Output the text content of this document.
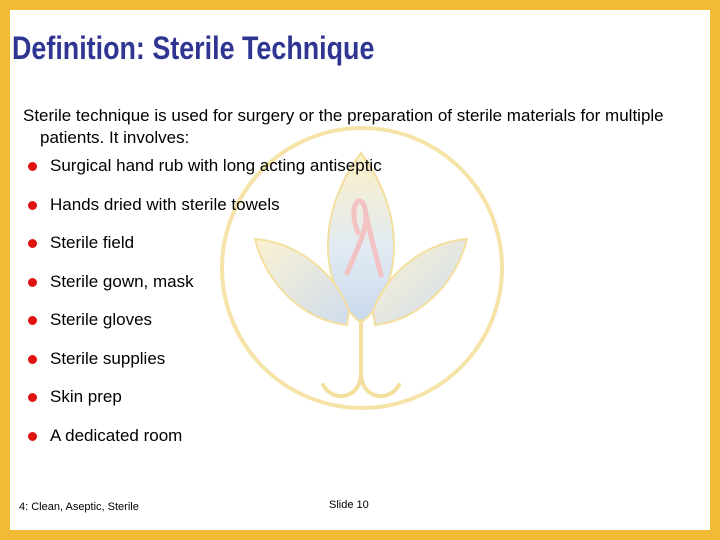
Definition: Sterile Technique

Sterile technique is used for surgery or the preparation of sterile materials for multiple patients. It involves:

Surgical hand rub with long acting antiseptic
Hands dried with sterile towels
Sterile field
Sterile gown, mask
Sterile gloves
Sterile supplies
Skin prep
A dedicated room
4: Clean, Aseptic, Sterile	Slide 10
